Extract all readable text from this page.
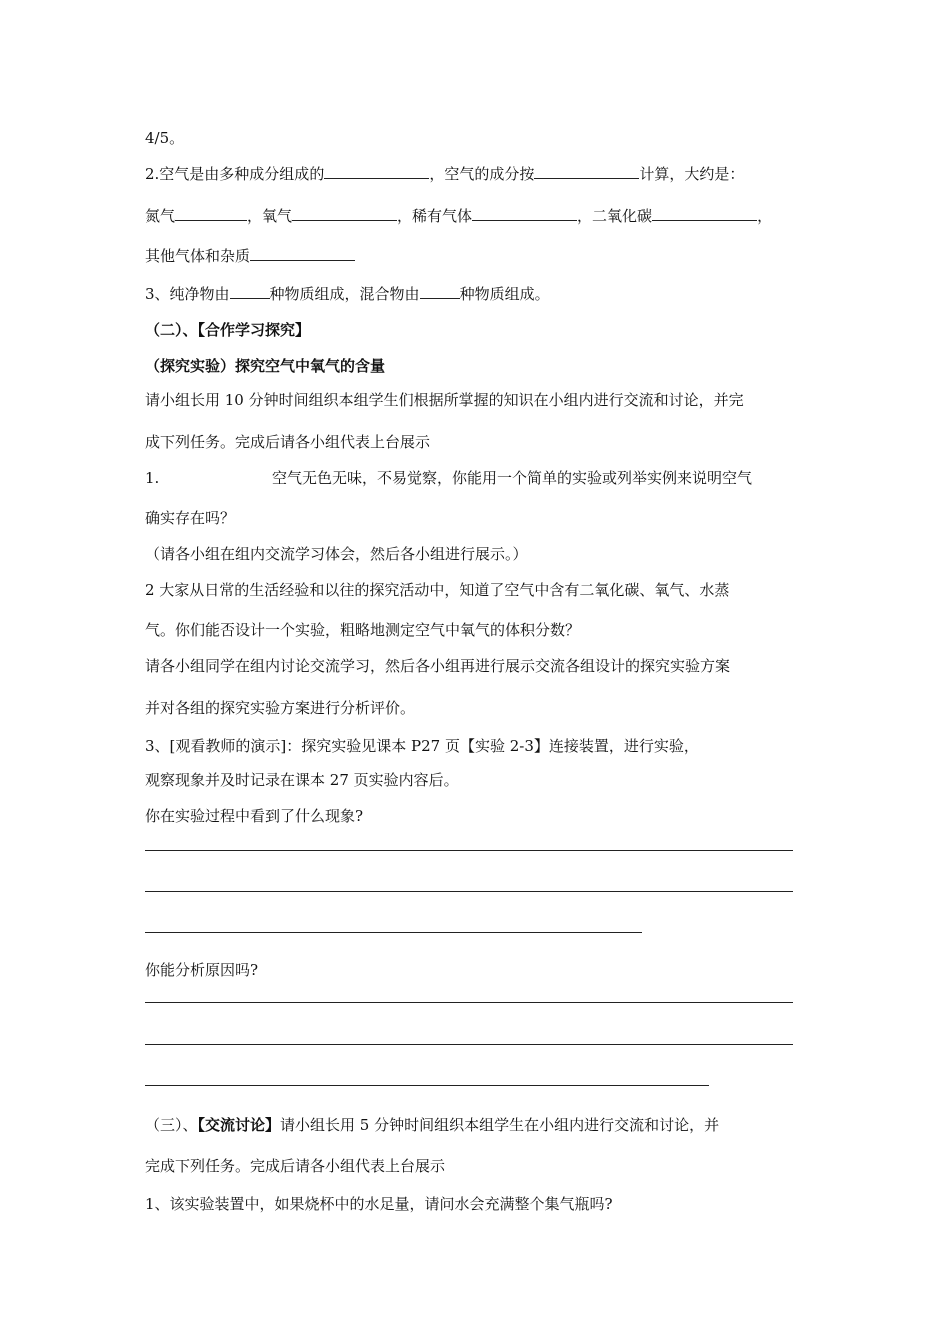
4/5。
2.空气是由多种成分组成的	，空气的成分按	计算，大约是：
氮气	，氧气	，稀有气体	，二氧化碳	，
其他气体和杂质
3、纯净物由	种物质组成，混合物由	种物质组成。
（二）、【合作学习探究】
（探究实验）探究空气中氧气的含量
请小组长用 10 分钟时间组织本组学生们根据所掌握的知识在小组内进行交流和讨论，并完
成下列任务。完成后请各小组代表上台展示
1.	空气无色无味，不易觉察，你能用一个简单的实验或列举实例来说明空气
确实存在吗？
（请各小组在组内交流学习体会，然后各小组进行展示。）
2 大家从日常的生活经验和以往的探究活动中，知道了空气中含有二氧化碳、氧气、水蒸
气。你们能否设计一个实验，粗略地测定空气中氧气的体积分数？
请各小组同学在组内讨论交流学习，然后各小组再进行展示交流各组设计的探究实验方案
并对各组的探究实验方案进行分析评价。
3、[观看教师的演示]：探究实验见课本 P27 页【实验 2-3】连接装置，进行实验，
观察现象并及时记录在课本 27 页实验内容后。
你在实验过程中看到了什么现象?
你能分析原因吗?
（三）、【交流讨论】请小组长用 5 分钟时间组织本组学生在小组内进行交流和讨论，并
完成下列任务。完成后请各小组代表上台展示
1、该实验装置中，如果烧杯中的水足量，请问水会充满整个集气瓶吗?
